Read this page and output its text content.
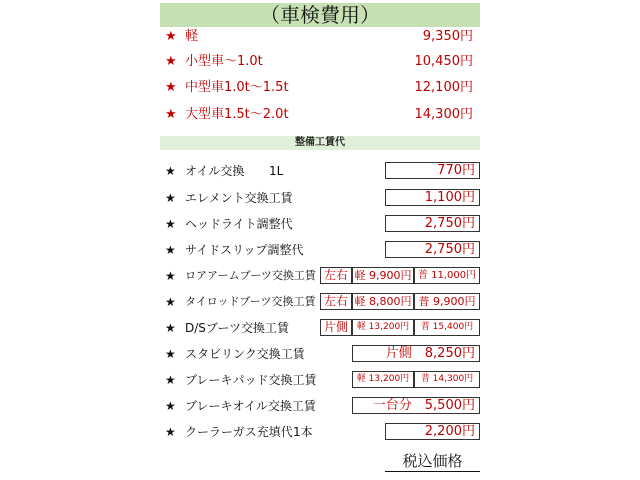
（車検費用）
★ 軽	9,350円
★ 小型車～1.0t	10,450円
★ 中型車1.0t～1.5t	12,100円
★ 大型車1.5t～2.0t	14,300円
整備工賃代
★ オイル交換 1L	770円
★ エレメント交換工賃	1,100円
★ ヘッドライト調整代	2,750円
★ サイドスリップ調整代	2,750円
★ ロアアームブーツ交換工賃 左右 軽 9,900円 普 11,000円
★ タイロッドブーツ交換工賃 左右 軽 8,800円 普 9,900円
★ D/Sブーツ交換工賃	片側 軽 13,200円	普 15,400円
★ スタビリンク交換工賃	片側　8,250円
★ ブレーキパッド交換工賃	軽 13,200円	普 14,300円
★ ブレーキオイル交換工賃	一台分　5,500円
★ クーラーガス充填代 1本	2,200円
税込価格
